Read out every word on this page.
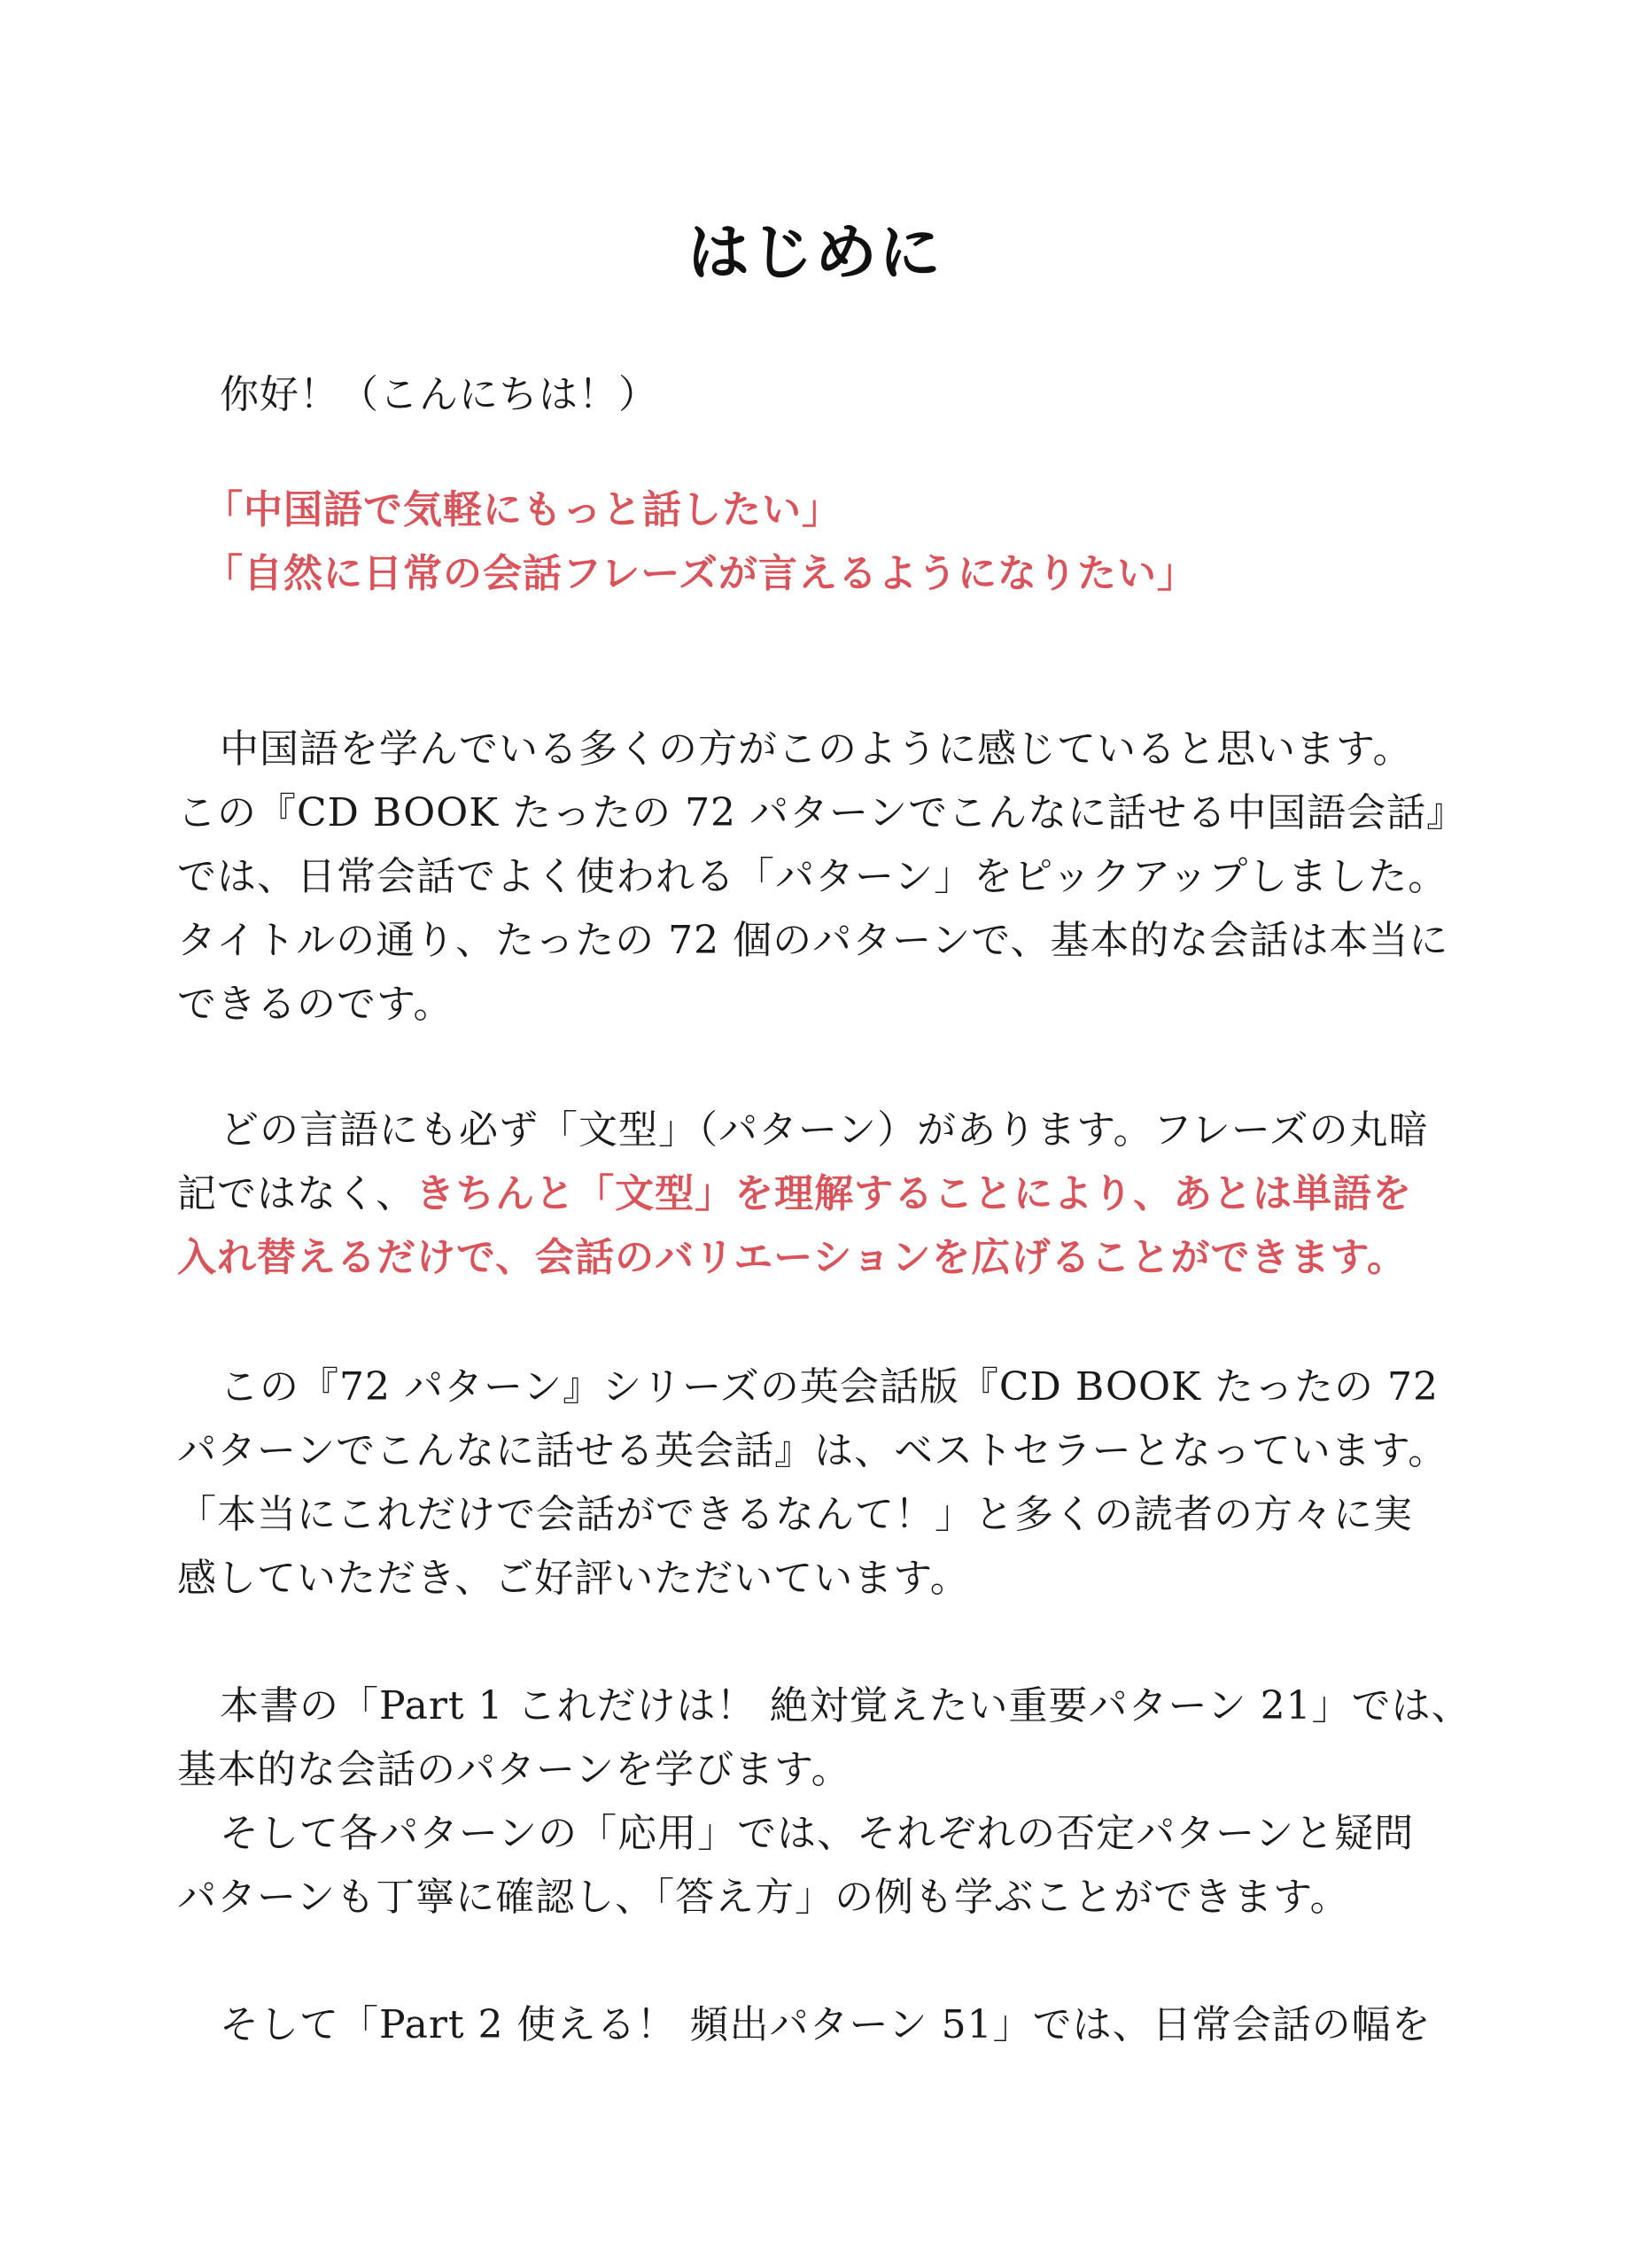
はじめに
你好！（こんにちは！）
「中国語で気軽にもっと話したい」
「自然に日常の会話フレーズが言えるようになりたい」
中国語を学んでいる多くの方がこのように感じていると思います。
この『CD BOOK たったの 72 パターンでこんなに話せる中国語会話』
では、日常会話でよく使われる「パターン」をピックアップしました。
タイトルの通り、たったの 72 個のパターンで、基本的な会話は本当に
できるのです。
どの言語にも必ず「文型」（パターン）があります。フレーズの丸暗
記ではなく、きちんと「文型」を理解することにより、あとは単語を
入れ替えるだけで、会話のバリエーションを広げることができます。
この『72 パターン』シリーズの英会話版『CD BOOK たったの 72
パターンでこんなに話せる英会話』は、ベストセラーとなっています。
「本当にこれだけで会話ができるなんて！」と多くの読者の方々に実
感していただき、ご好評いただいています。
本書の「Part 1 これだけは！ 絶対覚えたい重要パターン 21」では、
基本的な会話のパターンを学びます。
そして各パターンの「応用」では、それぞれの否定パターンと疑問
パターンも丁寧に確認し、「答え方」の例も学ぶことができます。
そして「Part 2 使える！ 頻出パターン 51」では、日常会話の幅を
